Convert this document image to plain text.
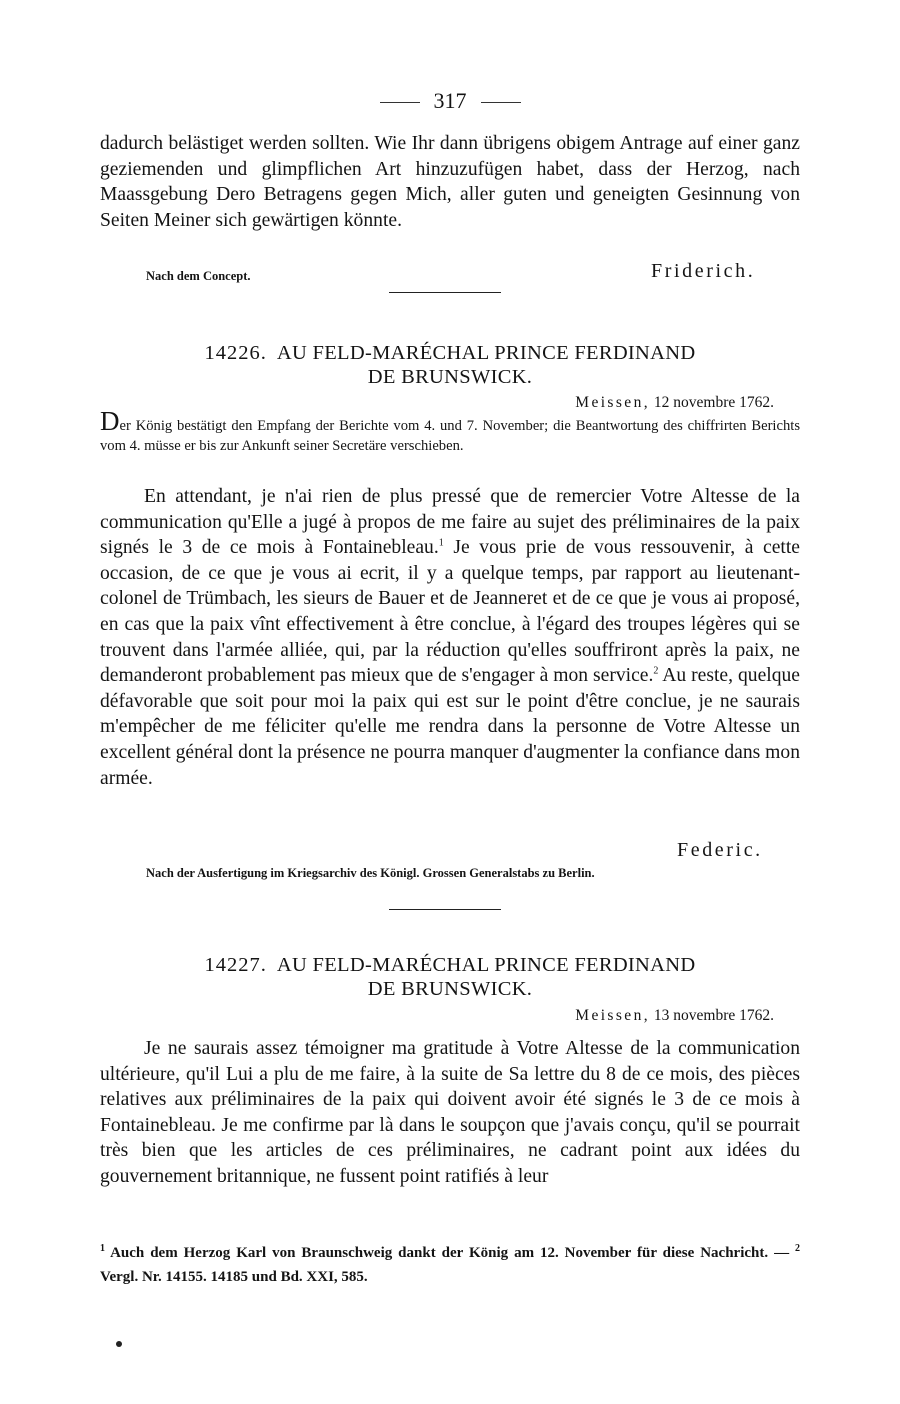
317
dadurch belästiget werden sollten. Wie Ihr dann übrigens obigem Antrage auf einer ganz geziemenden und glimpflichen Art hinzuzufügen habet, dass der Herzog, nach Maassgebung Dero Betragens gegen Mich, aller guten und geneigten Gesinnung von Seiten Meiner sich gewärtigen könnte.
Nach dem Concept.	Friderich.
14226. AU FELD-MARÉCHAL PRINCE FERDINAND
DE BRUNSWICK.
Meissen, 12 novembre 1762.
Der König bestätigt den Empfang der Berichte vom 4. und 7. November; die Beantwortung des chiffrirten Berichts vom 4. müsse er bis zur Ankunft seiner Secretäre verschieben.
En attendant, je n'ai rien de plus pressé que de remercier Votre Altesse de la communication qu'Elle a jugé à propos de me faire au sujet des préliminaires de la paix signés le 3 de ce mois à Fontainebleau.$^1$ Je vous prie de vous ressouvenir, à cette occasion, de ce que je vous ai ecrit, il y a quelque temps, par rapport au lieutenant-colonel de Trümbach, les sieurs de Bauer et de Jeanneret et de ce que je vous ai proposé, en cas que la paix vînt effectivement à être conclue, à l'égard des troupes légères qui se trouvent dans l'armée alliée, qui, par la réduction qu'elles souffriront après la paix, ne demanderont probablement pas mieux que de s'engager à mon service.$^2$ Au reste, quelque défavorable que soit pour moi la paix qui est sur le point d'être conclue, je ne saurais m'empêcher de me féliciter qu'elle me rendra dans la personne de Votre Altesse un excellent général dont la présence ne pourra manquer d'augmenter la confiance dans mon armée.
Federic.
Nach der Ausfertigung im Kriegsarchiv des Königl. Grossen Generalstabs zu Berlin.
14227. AU FELD-MARÉCHAL PRINCE FERDINAND
DE BRUNSWICK.
Meissen, 13 novembre 1762.
Je ne saurais assez témoigner ma gratitude à Votre Altesse de la communication ultérieure, qu'il Lui a plu de me faire, à la suite de Sa lettre du 8 de ce mois, des pièces relatives aux préliminaires de la paix qui doivent avoir été signés le 3 de ce mois à Fontainebleau. Je me confirme par là dans le soupçon que j'avais conçu, qu'il se pourrait très bien que les articles de ces préliminaires, ne cadrant point aux idées du gouvernement britannique, ne fussent point ratifiés à leur
$^1$ Auch dem Herzog Karl von Braunschweig dankt der König am 12. November für diese Nachricht. — $^2$ Vergl. Nr. 14155. 14185 und Bd. XXI, 585.
